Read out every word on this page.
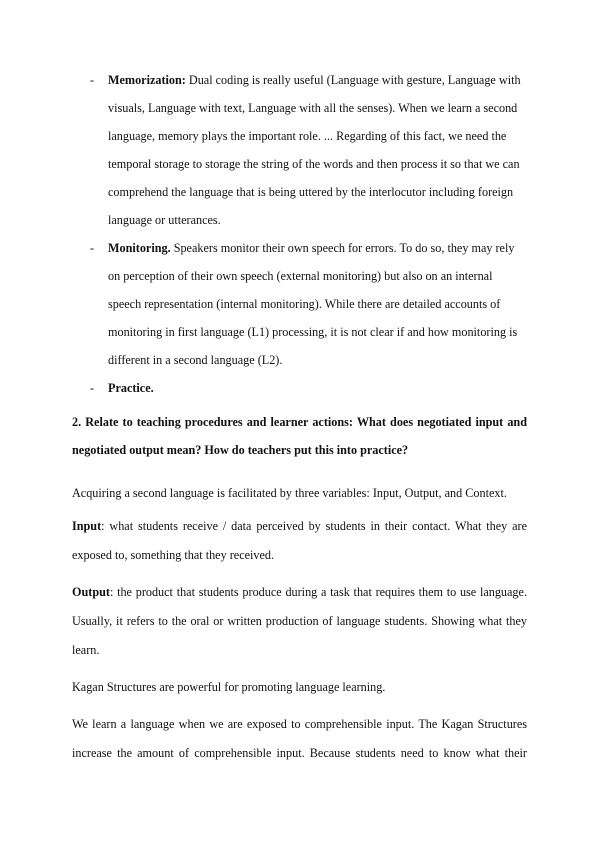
- Memorization: Dual coding is really useful (Language with gesture, Language with visuals, Language with text, Language with all the senses). When we learn a second language, memory plays the important role. ... Regarding of this fact, we need the temporal storage to storage the string of the words and then process it so that we can comprehend the language that is being uttered by the interlocutor including foreign language or utterances.
- Monitoring. Speakers monitor their own speech for errors. To do so, they may rely on perception of their own speech (external monitoring) but also on an internal speech representation (internal monitoring). While there are detailed accounts of monitoring in first language (L1) processing, it is not clear if and how monitoring is different in a second language (L2).
- Practice.
2. Relate to teaching procedures and learner actions: What does negotiated input and negotiated output mean? How do teachers put this into practice?
Acquiring a second language is facilitated by three variables: Input, Output, and Context.
Input: what students receive / data perceived by students in their contact. What they are exposed to, something that they received.
Output: the product that students produce during a task that requires them to use language. Usually, it refers to the oral or written production of language students. Showing what they learn.
Kagan Structures are powerful for promoting language learning.
We learn a language when we are exposed to comprehensible input. The Kagan Structures increase the amount of comprehensible input. Because students need to know what their
